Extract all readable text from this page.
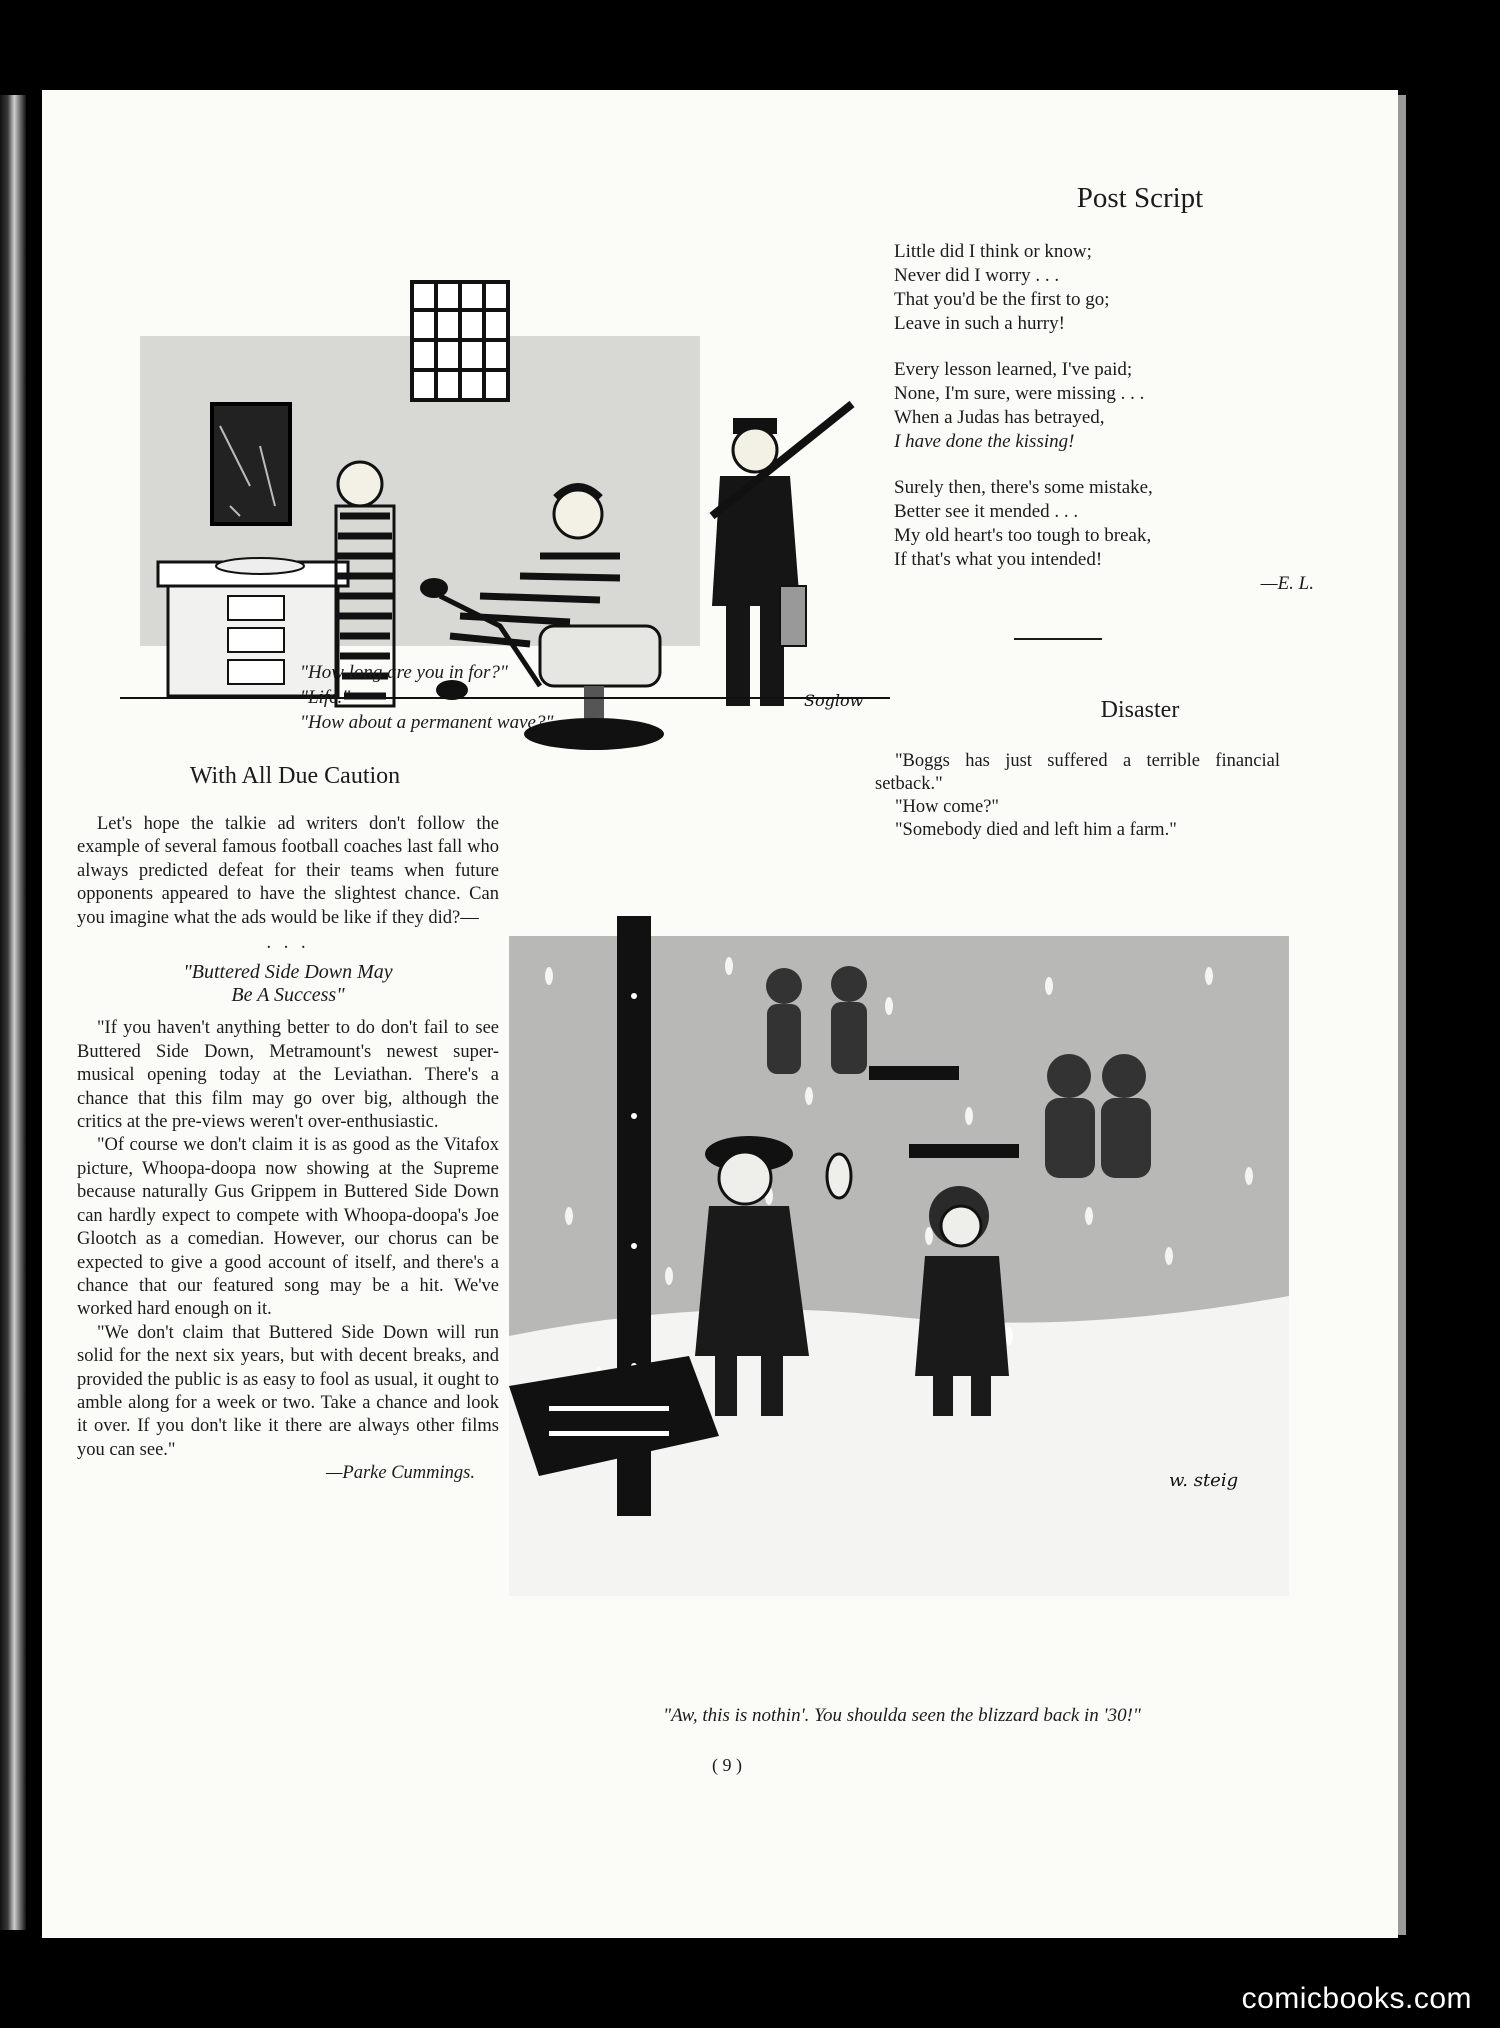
Soglow
"How long are you in for?"
"Life."
"How about a permanent wave?"
Post Script
Little did I think or know;
Never did I worry . . .
That you'd be the first to go;
Leave in such a hurry!
Every lesson learned, I've paid;
None, I'm sure, were missing . . .
When a Judas has betrayed,
I have done the kissing!
Surely then, there's some mistake,
Better see it mended . . .
My old heart's too tough to break,
If that's what you intended!
—E. L.
Disaster

"Boggs has just suffered a terrible financial setback."

"How come?"

"Somebody died and left him a farm."

With All Due Caution

Let's hope the talkie ad writers don't follow the example of several famous football coaches last fall who always predicted defeat for their teams when future opponents appeared to have the slightest chance. Can you imagine what the ads would be like if they did?—

. . .
"Buttered Side Down May
Be A Success"

"If you haven't anything better to do don't fail to see Buttered Side Down, Metramount's newest super-musical opening today at the Leviathan. There's a chance that this film may go over big, although the critics at the pre-views weren't over-enthusiastic.

"Of course we don't claim it is as good as the Vitafox picture, Whoopa-doopa now showing at the Supreme because naturally Gus Grippem in Buttered Side Down can hardly expect to compete with Whoopa-doopa's Joe Glootch as a comedian. However, our chorus can be expected to give a good account of itself, and there's a chance that our featured song may be a hit. We've worked hard enough on it.

"We don't claim that Buttered Side Down will run solid for the next six years, but with decent breaks, and provided the public is as easy to fool as usual, it ought to amble along for a week or two. Take a chance and look it over. If you don't like it there are always other films you can see."

—Parke Cummings.	w. steig
"Aw, this is nothin'. You shoulda seen the blizzard back in '30!"
( 9 )
comicbooks.com
